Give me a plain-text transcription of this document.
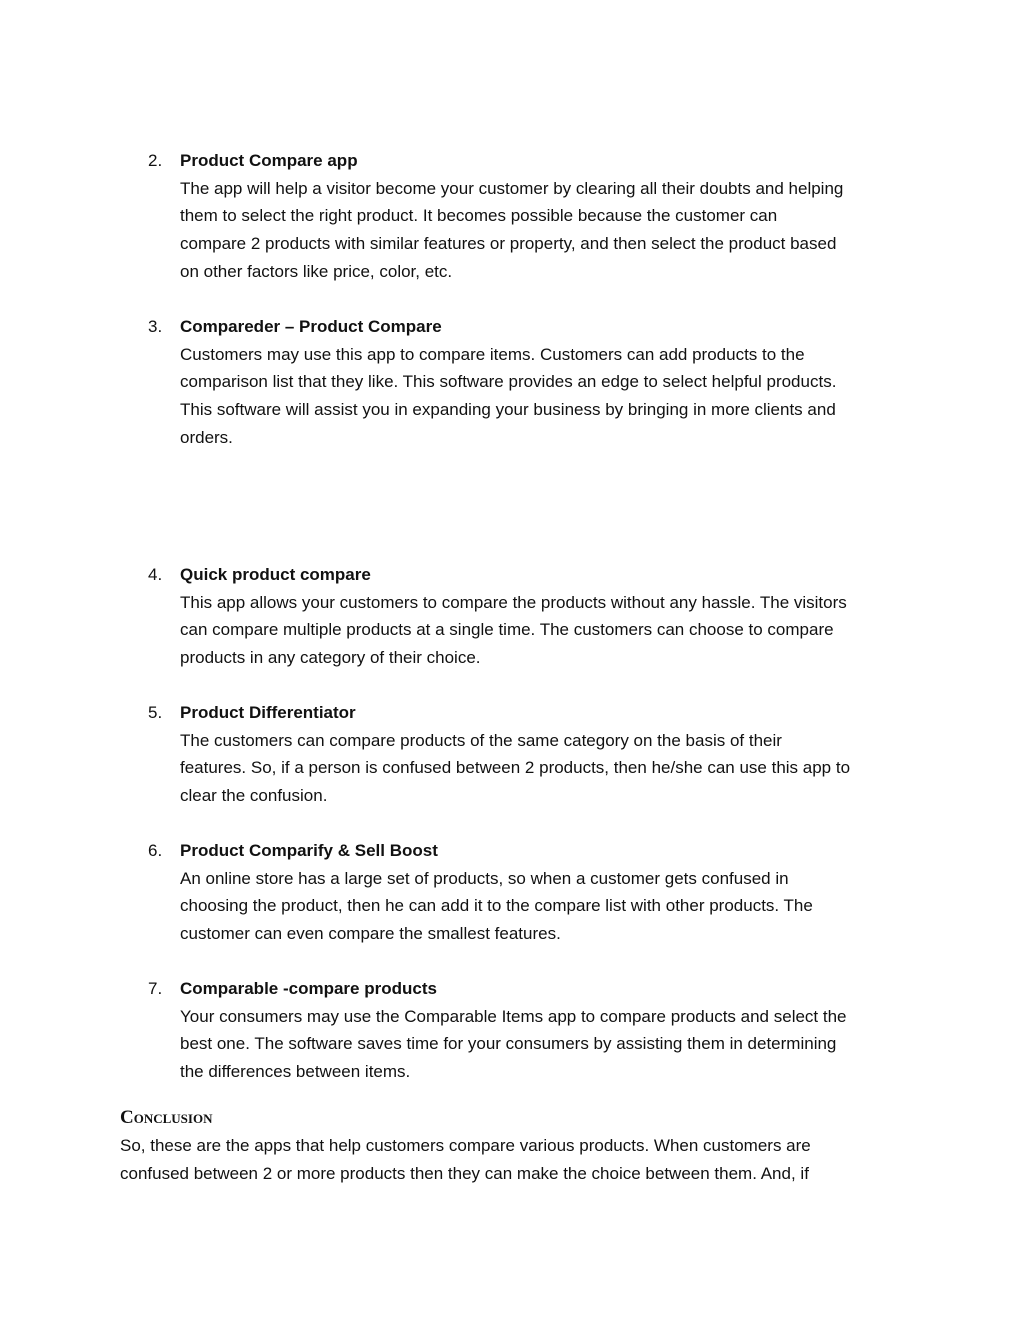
2.	Product Compare app
The app will help a visitor become your customer by clearing all their doubts and helping
them to select the right product. It becomes possible because the customer can
compare 2 products with similar features or property, and then select the product based
on other factors like price, color, etc.
3.	Compareder – Product Compare
Customers may use this app to compare items. Customers can add products to the
comparison list that they like. This software provides an edge to select helpful products.
This software will assist you in expanding your business by bringing in more clients and
orders.
4.	Quick product compare
This app allows your customers to compare the products without any hassle. The visitors
can compare multiple products at a single time. The customers can choose to compare
products in any category of their choice.
5.	Product Differentiator
The customers can compare products of the same category on the basis of their
features. So, if a person is confused between 2 products, then he/she can use this app to
clear the confusion.
6.	Product Comparify & Sell Boost
An online store has a large set of products, so when a customer gets confused in
choosing the product, then he can add it to the compare list with other products. The
customer can even compare the smallest features.
7.	Comparable -compare products
Your consumers may use the Comparable Items app to compare products and select the
best one. The software saves time for your consumers by assisting them in determining
the differences between items.
Conclusion
So, these are the apps that help customers compare various products. When customers are
confused between 2 or more products then they can make the choice between them. And, if
